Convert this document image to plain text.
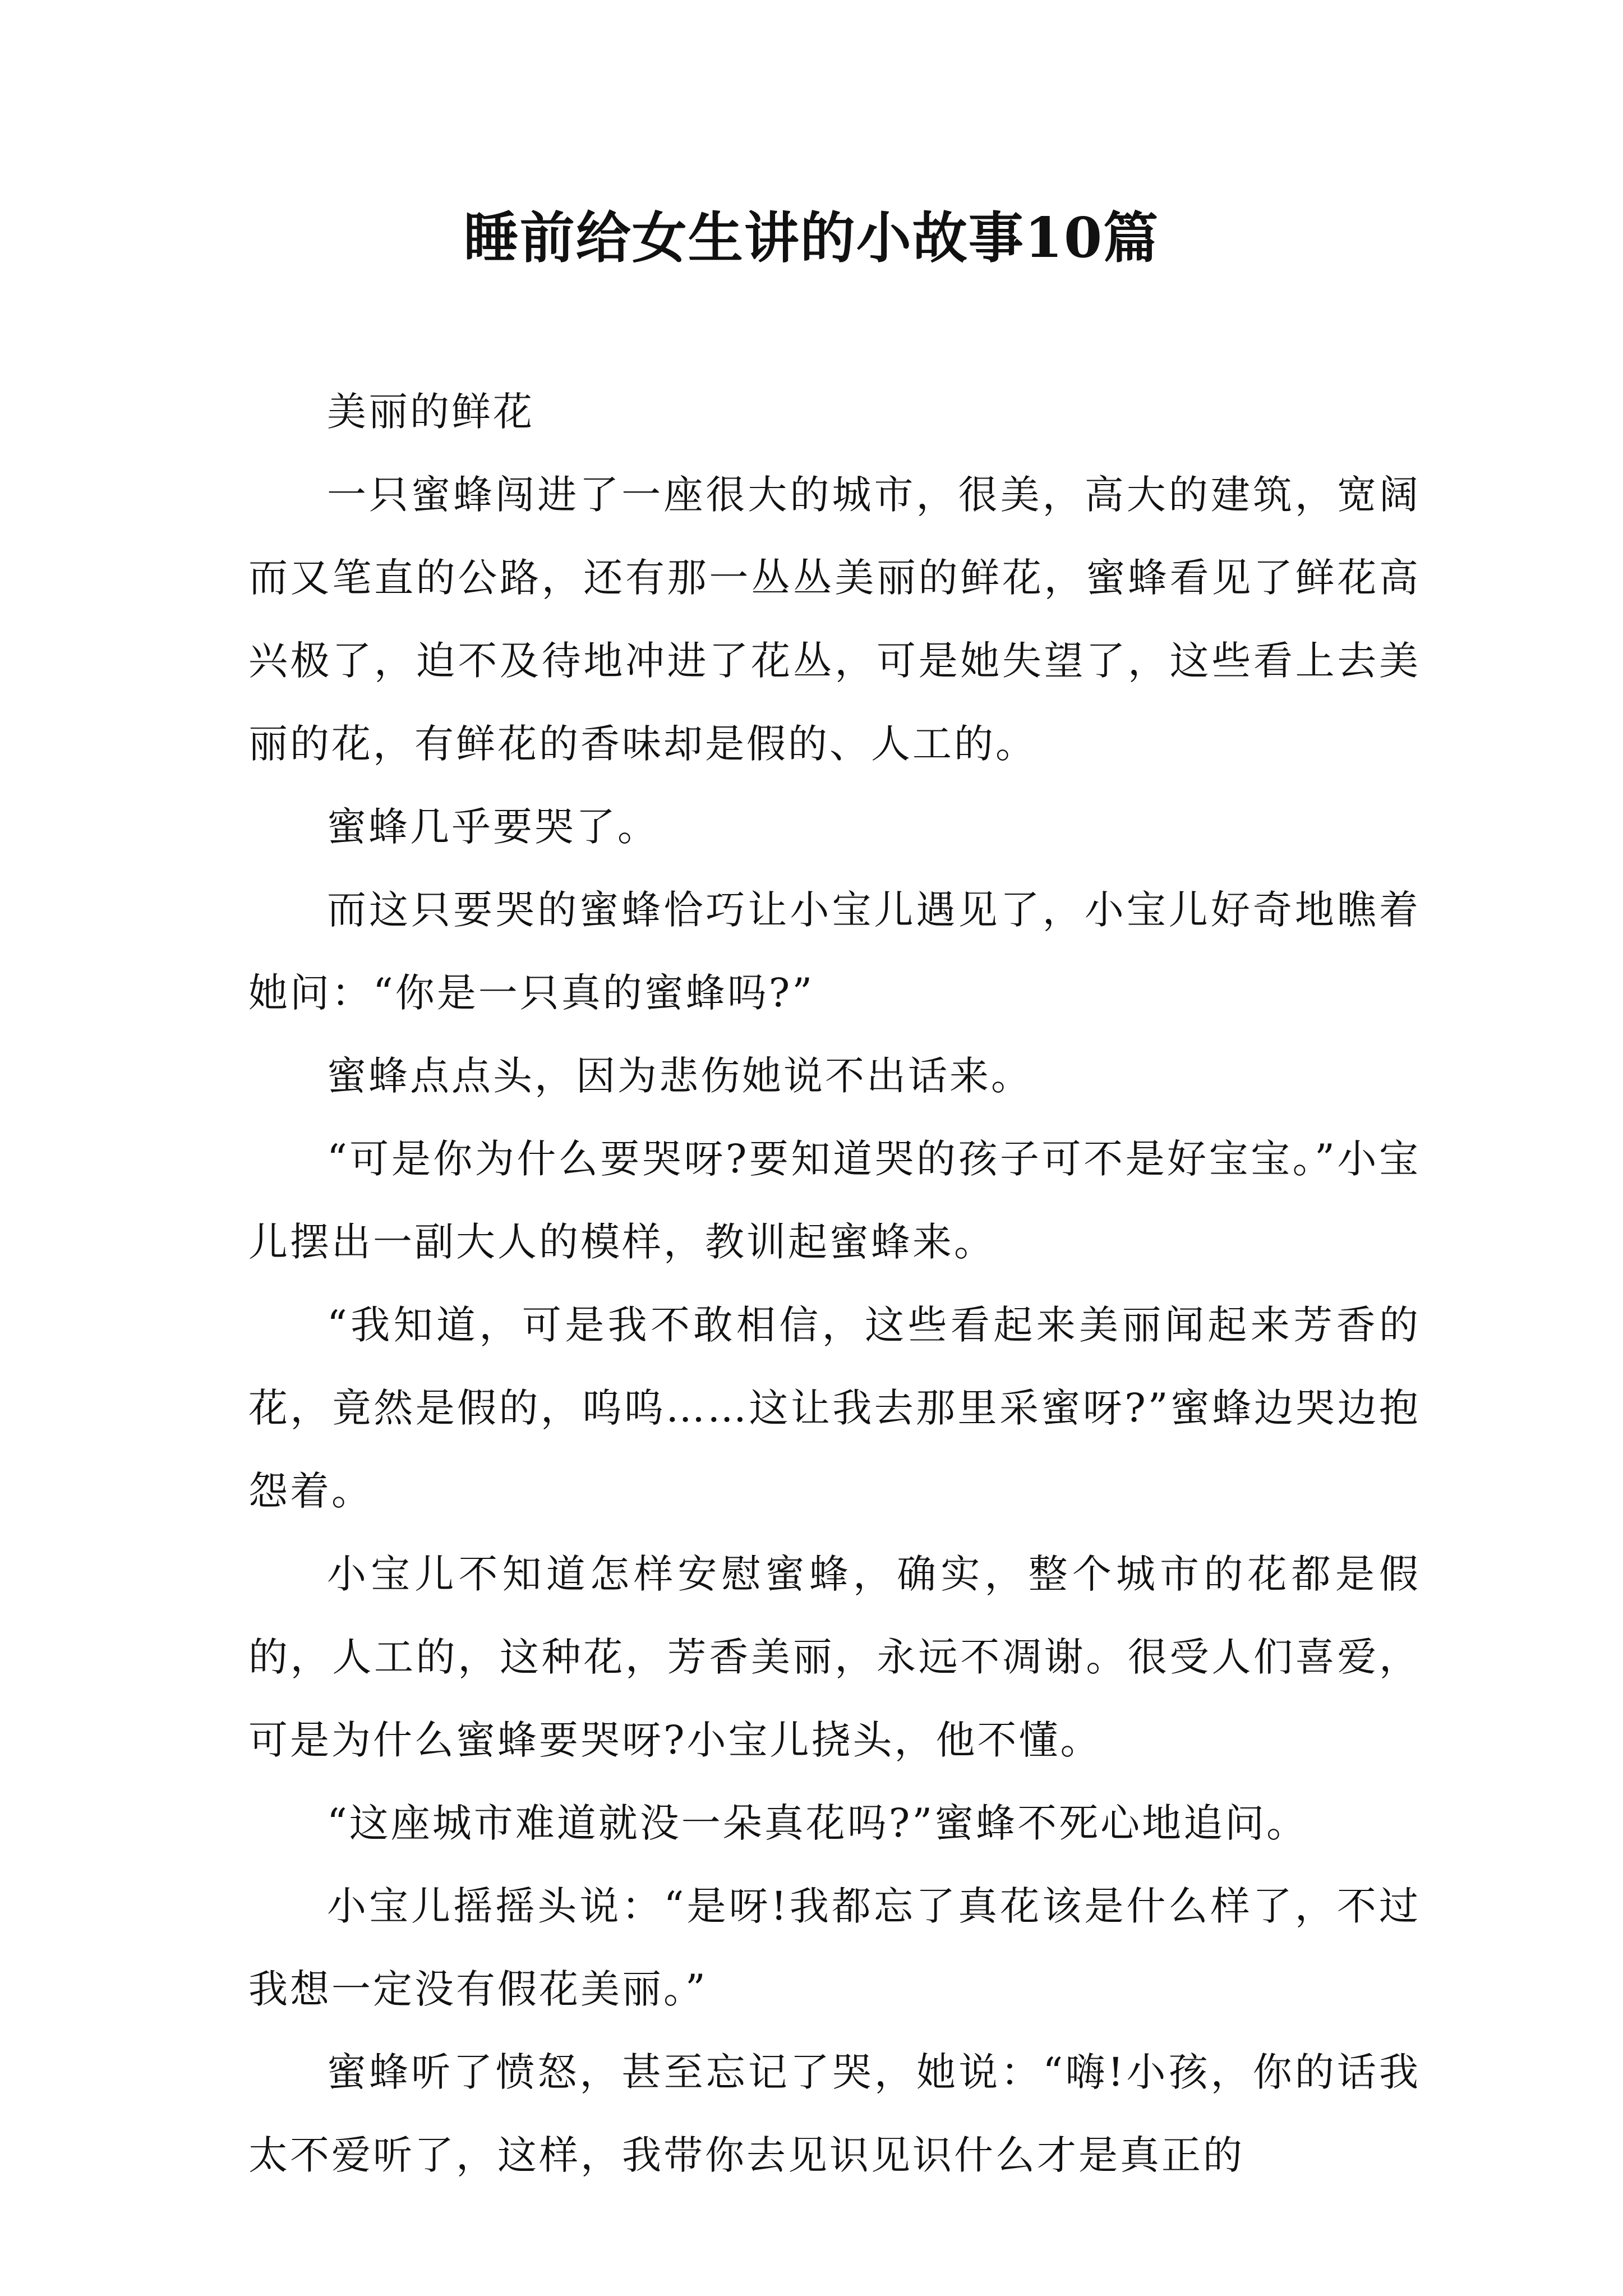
睡前给女生讲的小故事10篇

美丽的鲜花

一只蜜蜂闯进了一座很大的城市，很美，高大的建筑，宽阔而又笔直的公路，还有那一丛丛美丽的鲜花，蜜蜂看见了鲜花高兴极了，迫不及待地冲进了花丛，可是她失望了，这些看上去美丽的花，有鲜花的香味却是假的、人工的。

蜜蜂几乎要哭了。

而这只要哭的蜜蜂恰巧让小宝儿遇见了，小宝儿好奇地瞧着她问：“你是一只真的蜜蜂吗?”

蜜蜂点点头，因为悲伤她说不出话来。

“可是你为什么要哭呀?要知道哭的孩子可不是好宝宝。”小宝儿摆出一副大人的模样，教训起蜜蜂来。

“我知道，可是我不敢相信，这些看起来美丽闻起来芳香的花，竟然是假的，呜呜……这让我去那里采蜜呀?”蜜蜂边哭边抱怨着。

小宝儿不知道怎样安慰蜜蜂，确实，整个城市的花都是假的，人工的，这种花，芳香美丽，永远不凋谢。很受人们喜爱，可是为什么蜜蜂要哭呀?小宝儿挠头，他不懂。

“这座城市难道就没一朵真花吗?”蜜蜂不死心地追问。

小宝儿摇摇头说：“是呀!我都忘了真花该是什么样了，不过我想一定没有假花美丽。”

蜜蜂听了愤怒，甚至忘记了哭，她说：“嗨!小孩，你的话我太不爱听了，这样，我带你去见识见识什么才是真正的
